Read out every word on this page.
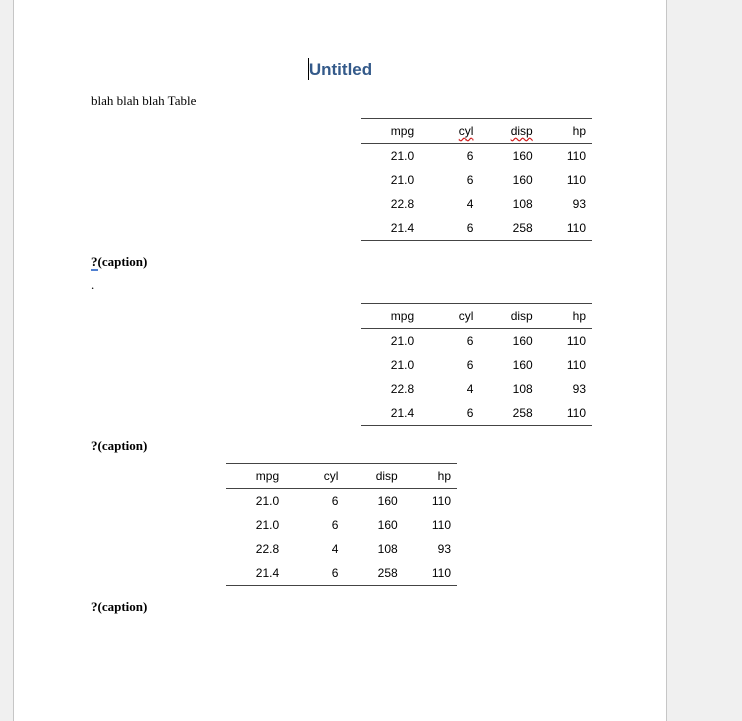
Untitled
blah blah blah Table
mpg	cyl	disp	hp
21.0	6	160	110
21.0	6	160	110
22.8	4	108	93
21.4	6	258	110
?(caption)
.
mpg	cyl	disp	hp
21.0	6	160	110
21.0	6	160	110
22.8	4	108	93
21.4	6	258	110
?(caption)
mpg	cyl	disp	hp
21.0	6	160	110
21.0	6	160	110
22.8	4	108	93
21.4	6	258	110
?(caption)
